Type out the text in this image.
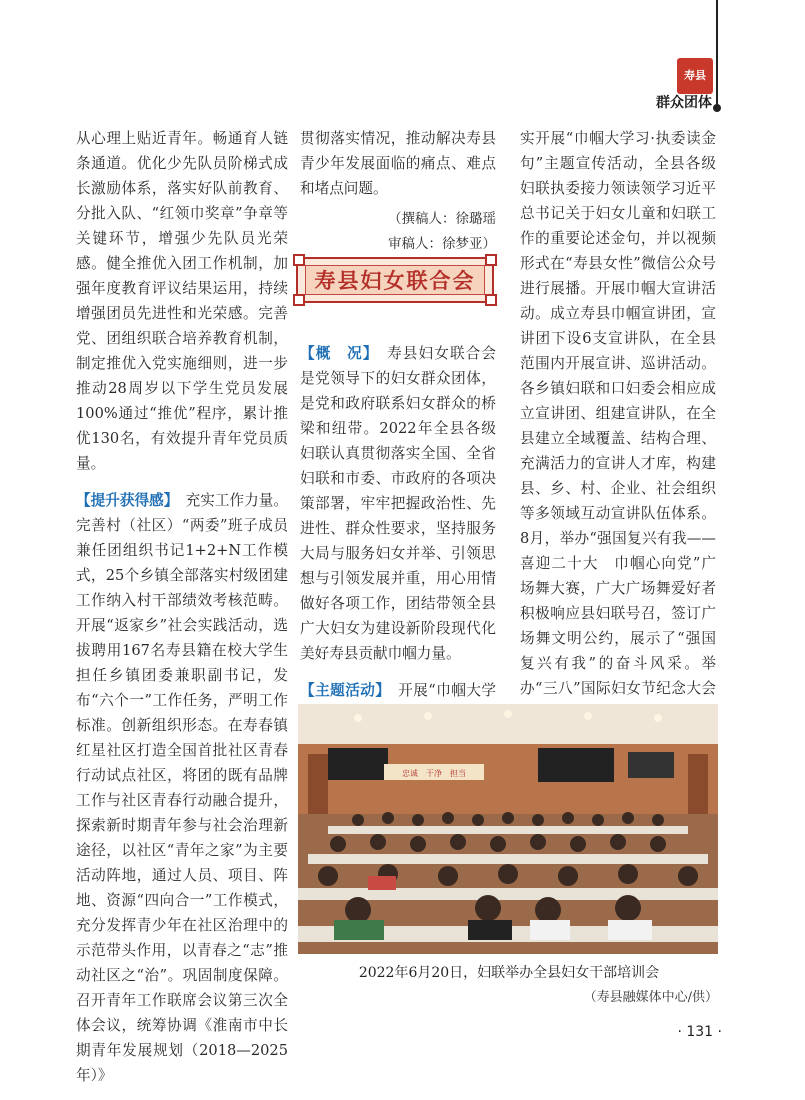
寿县
群众团体

从心理上贴近青年。畅通育人链条通道。优化少先队员阶梯式成长激励体系，落实好队前教育、分批入队、“红领巾奖章”争章等关键环节，增强少先队员光荣感。健全推优入团工作机制，加强年度教育评议结果运用，持续增强团员先进性和光荣感。完善党、团组织联合培养教育机制，制定推优入党实施细则，进一步推动28周岁以下学生党员发展100%通过“推优”程序，累计推优130名，有效提升青年党员质量。

【提升获得感】　 充实工作力量。完善村（社区）“两委”班子成员兼任团组织书记1+2+N工作模式，25个乡镇全部落实村级团建工作纳入村干部绩效考核范畴。开展“返家乡”社会实践活动，选拔聘用167名寿县籍在校大学生担任乡镇团委兼职副书记，发布“六个一”工作任务，严明工作标准。创新组织形态。在寿春镇红星社区打造全国首批社区青春行动试点社区，将团的既有品牌工作与社区青春行动融合提升，探索新时期青年参与社会治理新途径，以社区“青年之家”为主要活动阵地，通过人员、项目、阵地、资源“四向合一”工作模式，充分发挥青少年在社区治理中的示范带头作用，以青春之“志”推动社区之“治”。巩固制度保障。召开青年工作联席会议第三次全体会议，统筹协调《淮南市中长期青年发展规划（2018—2025年）》

贯彻落实情况，推动解决寿县青少年发展面临的痛点、难点和堵点问题。

（撰稿人：徐璐瑶
审稿人：徐梦亚）

【概　况】　 寿县妇女联合会是党领导下的妇女群众团体，是党和政府联系妇女群众的桥梁和纽带。2022年全县各级妇联认真贯彻落实全国、全省妇联和市委、市政府的各项决策部署，牢牢把握政治性、先进性、群众性要求，坚持服务大局与服务妇女并举、引领思想与引领发展并重，用心用情做好各项工作，团结带领全县广大妇女为建设新阶段现代化美好寿县贡献巾帼力量。

【主题活动】　 开展“巾帼大学

寿县妇女联合会

实开展“巾帼大学习·执委读金句”主题宣传活动，全县各级妇联执委接力领读领学习近平总书记关于妇女儿童和妇联工作的重要论述金句，并以视频形式在“寿县女性”微信公众号进行展播。开展巾帼大宣讲活动。成立寿县巾帼宣讲团，宣讲团下设6支宣讲队，在全县范围内开展宣讲、巡讲活动。各乡镇妇联和口妇委会相应成立宣讲团、组建宣讲队，在全县建立全域覆盖、结构合理、充满活力的宣讲人才库，构建县、乡、村、企业、社会组织等多领域互动宣讲队伍体系。8月，举办“强国复兴有我——喜迎二十大　巾帼心向党”广场舞大赛，广大广场舞爱好者积极响应县妇联号召，签订广场舞文明公约，展示了“强国复兴有我”的奋斗风采。举办“三八”国际妇女节纪念大会

忠诚　干净　担当
2022年6月20日，妇联举办全县妇女干部培训会
（寿县融媒体中心/供）
· 131 ·
